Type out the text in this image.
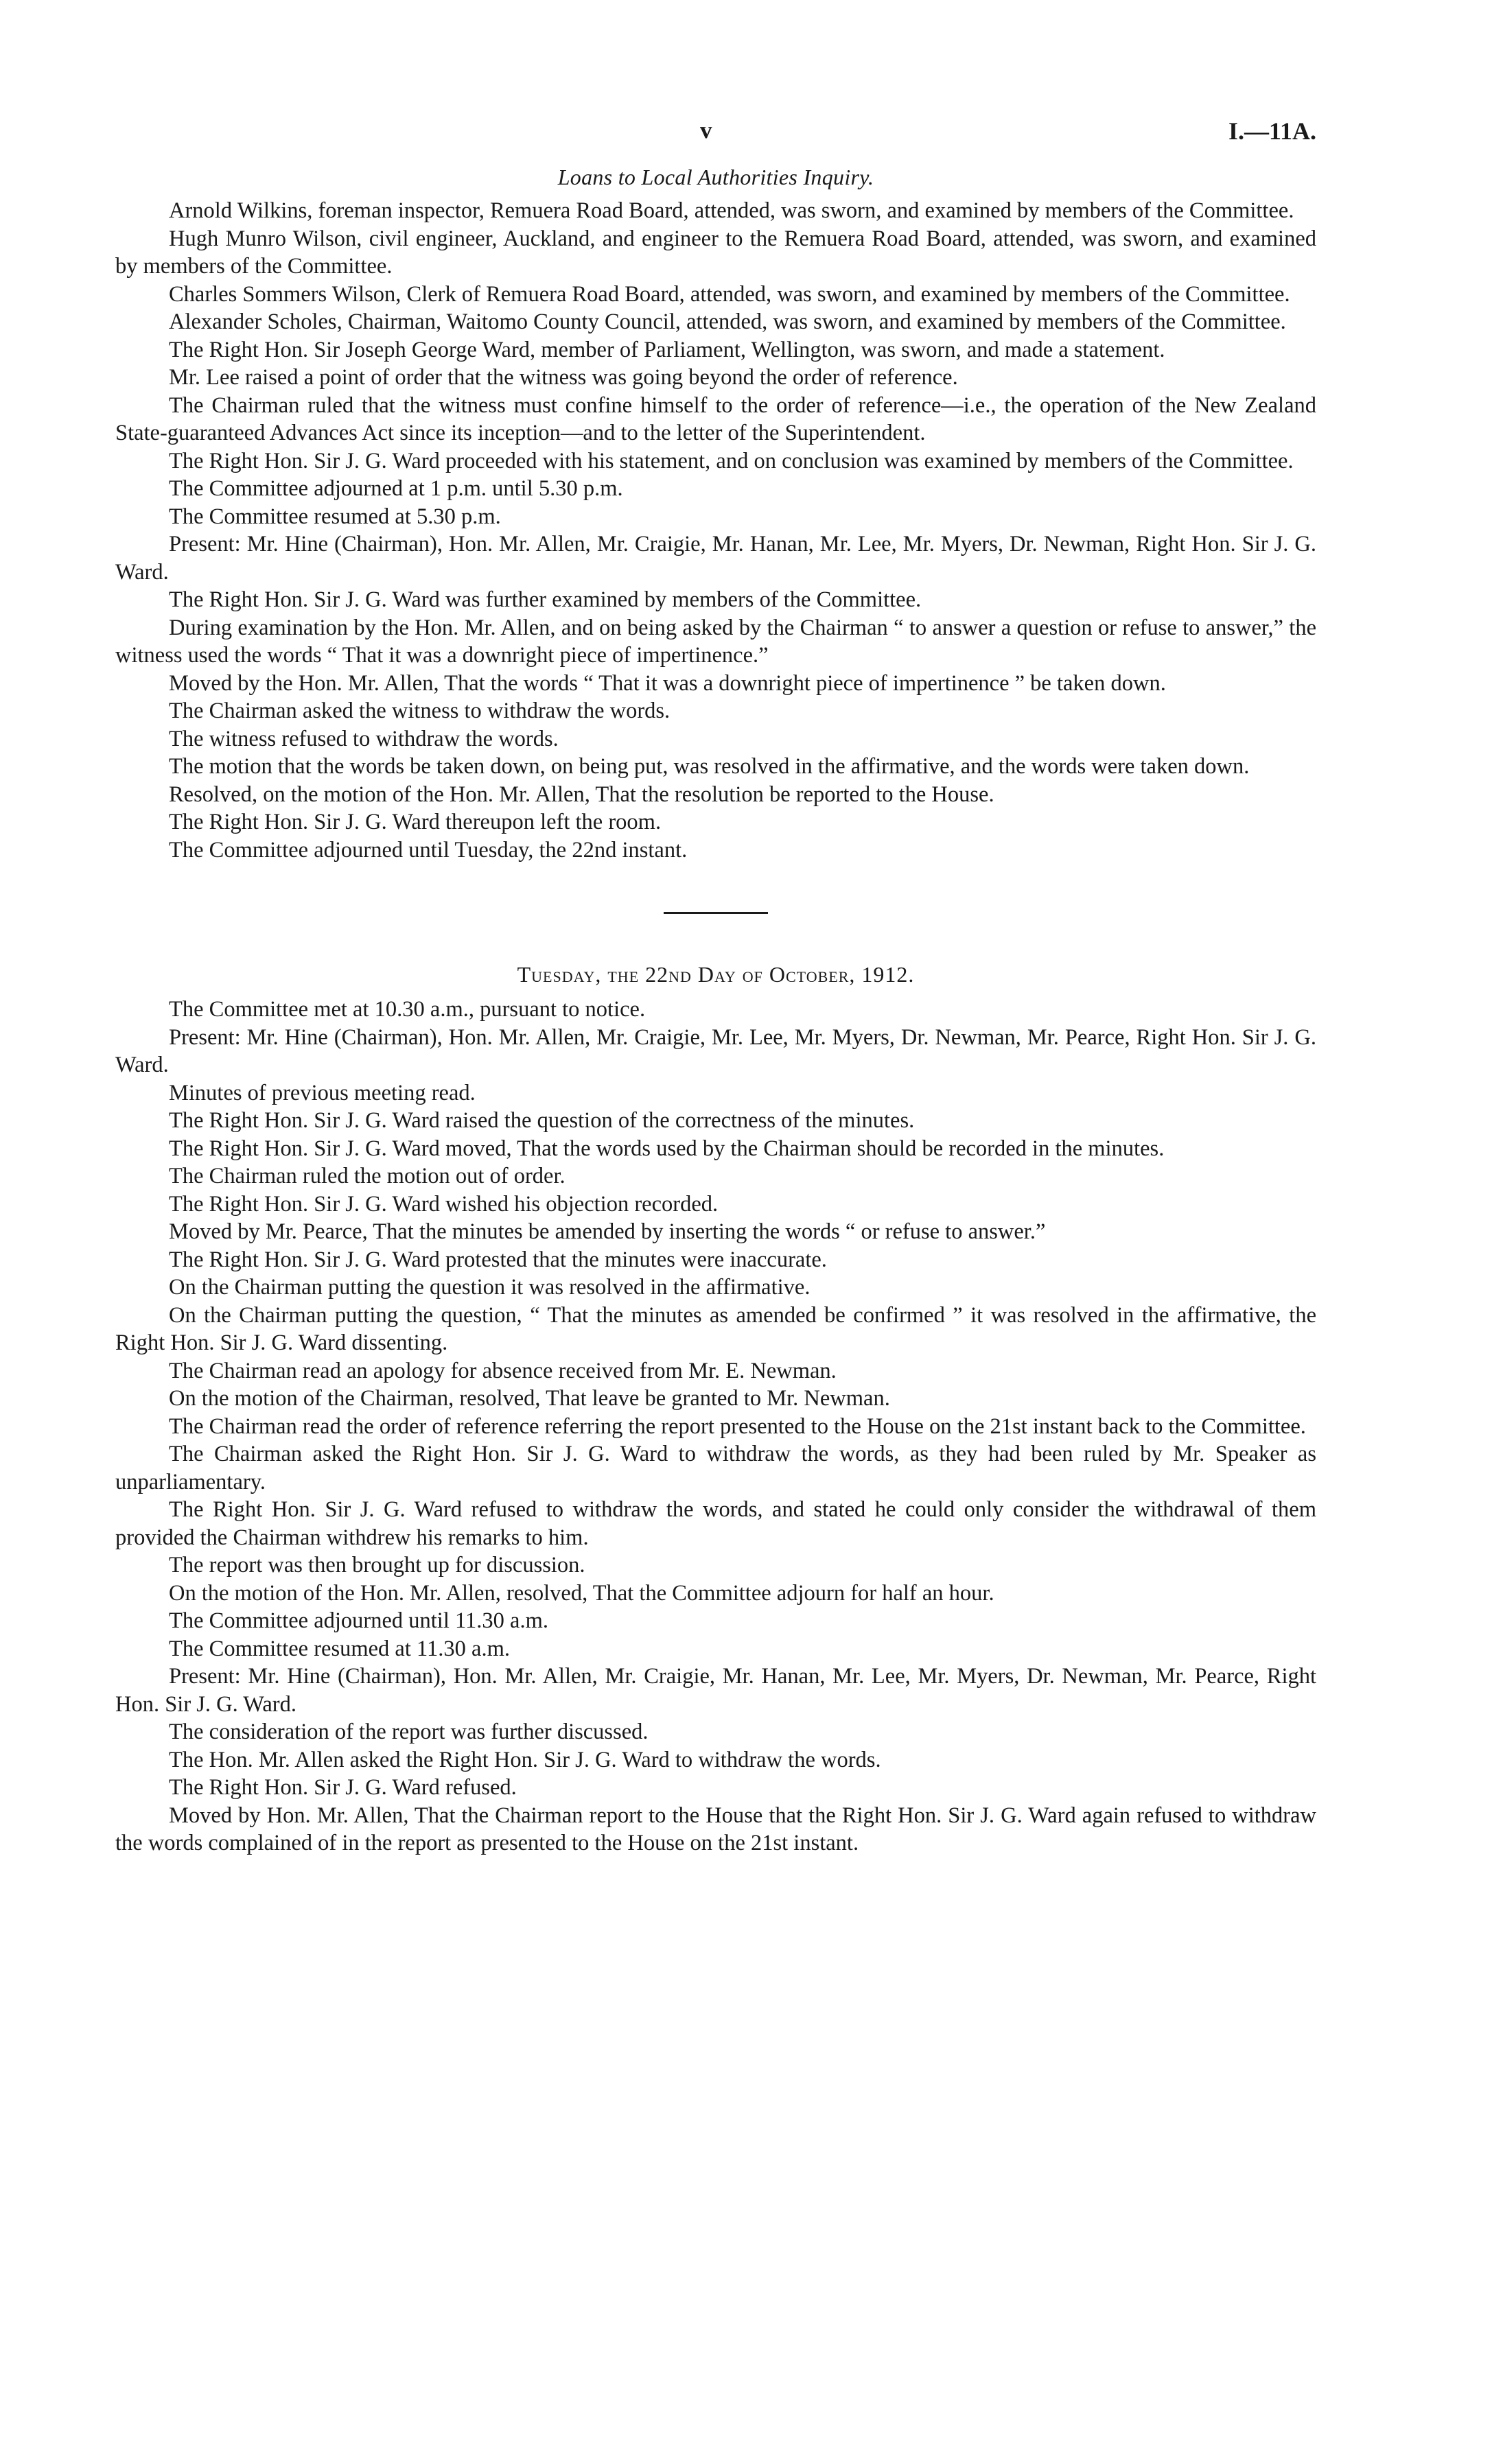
v	I.—11A.
Loans to Local Authorities Inquiry.

Arnold Wilkins, foreman inspector, Remuera Road Board, attended, was sworn, and examined by members of the Committee.

Hugh Munro Wilson, civil engineer, Auckland, and engineer to the Remuera Road Board, attended, was sworn, and examined by members of the Committee.

Charles Sommers Wilson, Clerk of Remuera Road Board, attended, was sworn, and examined by members of the Committee.

Alexander Scholes, Chairman, Waitomo County Council, attended, was sworn, and examined by members of the Committee.

The Right Hon. Sir Joseph George Ward, member of Parliament, Wellington, was sworn, and made a statement.

Mr. Lee raised a point of order that the witness was going beyond the order of reference.

The Chairman ruled that the witness must confine himself to the order of reference—i.e., the operation of the New Zealand State-guaranteed Advances Act since its inception—and to the letter of the Superintendent.

The Right Hon. Sir J. G. Ward proceeded with his statement, and on conclusion was examined by members of the Committee.

The Committee adjourned at 1 p.m. until 5.30 p.m.

The Committee resumed at 5.30 p.m.

Present: Mr. Hine (Chairman), Hon. Mr. Allen, Mr. Craigie, Mr. Hanan, Mr. Lee, Mr. Myers, Dr. Newman, Right Hon. Sir J. G. Ward.

The Right Hon. Sir J. G. Ward was further examined by members of the Committee.

During examination by the Hon. Mr. Allen, and on being asked by the Chairman “ to answer a question or refuse to answer,” the witness used the words “ That it was a downright piece of impertinence.”

Moved by the Hon. Mr. Allen, That the words “ That it was a downright piece of impertinence ” be taken down.

The Chairman asked the witness to withdraw the words.

The witness refused to withdraw the words.

The motion that the words be taken down, on being put, was resolved in the affirmative, and the words were taken down.

Resolved, on the motion of the Hon. Mr. Allen, That the resolution be reported to the House.

The Right Hon. Sir J. G. Ward thereupon left the room.

The Committee adjourned until Tuesday, the 22nd instant.

Tuesday, the 22nd Day of October, 1912.

The Committee met at 10.30 a.m., pursuant to notice.

Present: Mr. Hine (Chairman), Hon. Mr. Allen, Mr. Craigie, Mr. Lee, Mr. Myers, Dr. Newman, Mr. Pearce, Right Hon. Sir J. G. Ward.

Minutes of previous meeting read.

The Right Hon. Sir J. G. Ward raised the question of the correctness of the minutes.

The Right Hon. Sir J. G. Ward moved, That the words used by the Chairman should be recorded in the minutes.

The Chairman ruled the motion out of order.

The Right Hon. Sir J. G. Ward wished his objection recorded.

Moved by Mr. Pearce, That the minutes be amended by inserting the words “ or refuse to answer.”

The Right Hon. Sir J. G. Ward protested that the minutes were inaccurate.

On the Chairman putting the question it was resolved in the affirmative.

On the Chairman putting the question, “ That the minutes as amended be confirmed ” it was resolved in the affirmative, the Right Hon. Sir J. G. Ward dissenting.

The Chairman read an apology for absence received from Mr. E. Newman.

On the motion of the Chairman, resolved, That leave be granted to Mr. Newman.

The Chairman read the order of reference referring the report presented to the House on the 21st instant back to the Committee.

The Chairman asked the Right Hon. Sir J. G. Ward to withdraw the words, as they had been ruled by Mr. Speaker as unparliamentary.

The Right Hon. Sir J. G. Ward refused to withdraw the words, and stated he could only consider the withdrawal of them provided the Chairman withdrew his remarks to him.

The report was then brought up for discussion.

On the motion of the Hon. Mr. Allen, resolved, That the Committee adjourn for half an hour.

The Committee adjourned until 11.30 a.m.

The Committee resumed at 11.30 a.m.

Present: Mr. Hine (Chairman), Hon. Mr. Allen, Mr. Craigie, Mr. Hanan, Mr. Lee, Mr. Myers, Dr. Newman, Mr. Pearce, Right Hon. Sir J. G. Ward.

The consideration of the report was further discussed.

The Hon. Mr. Allen asked the Right Hon. Sir J. G. Ward to withdraw the words.

The Right Hon. Sir J. G. Ward refused.

Moved by Hon. Mr. Allen, That the Chairman report to the House that the Right Hon. Sir J. G. Ward again refused to withdraw the words complained of in the report as presented to the House on the 21st instant.
